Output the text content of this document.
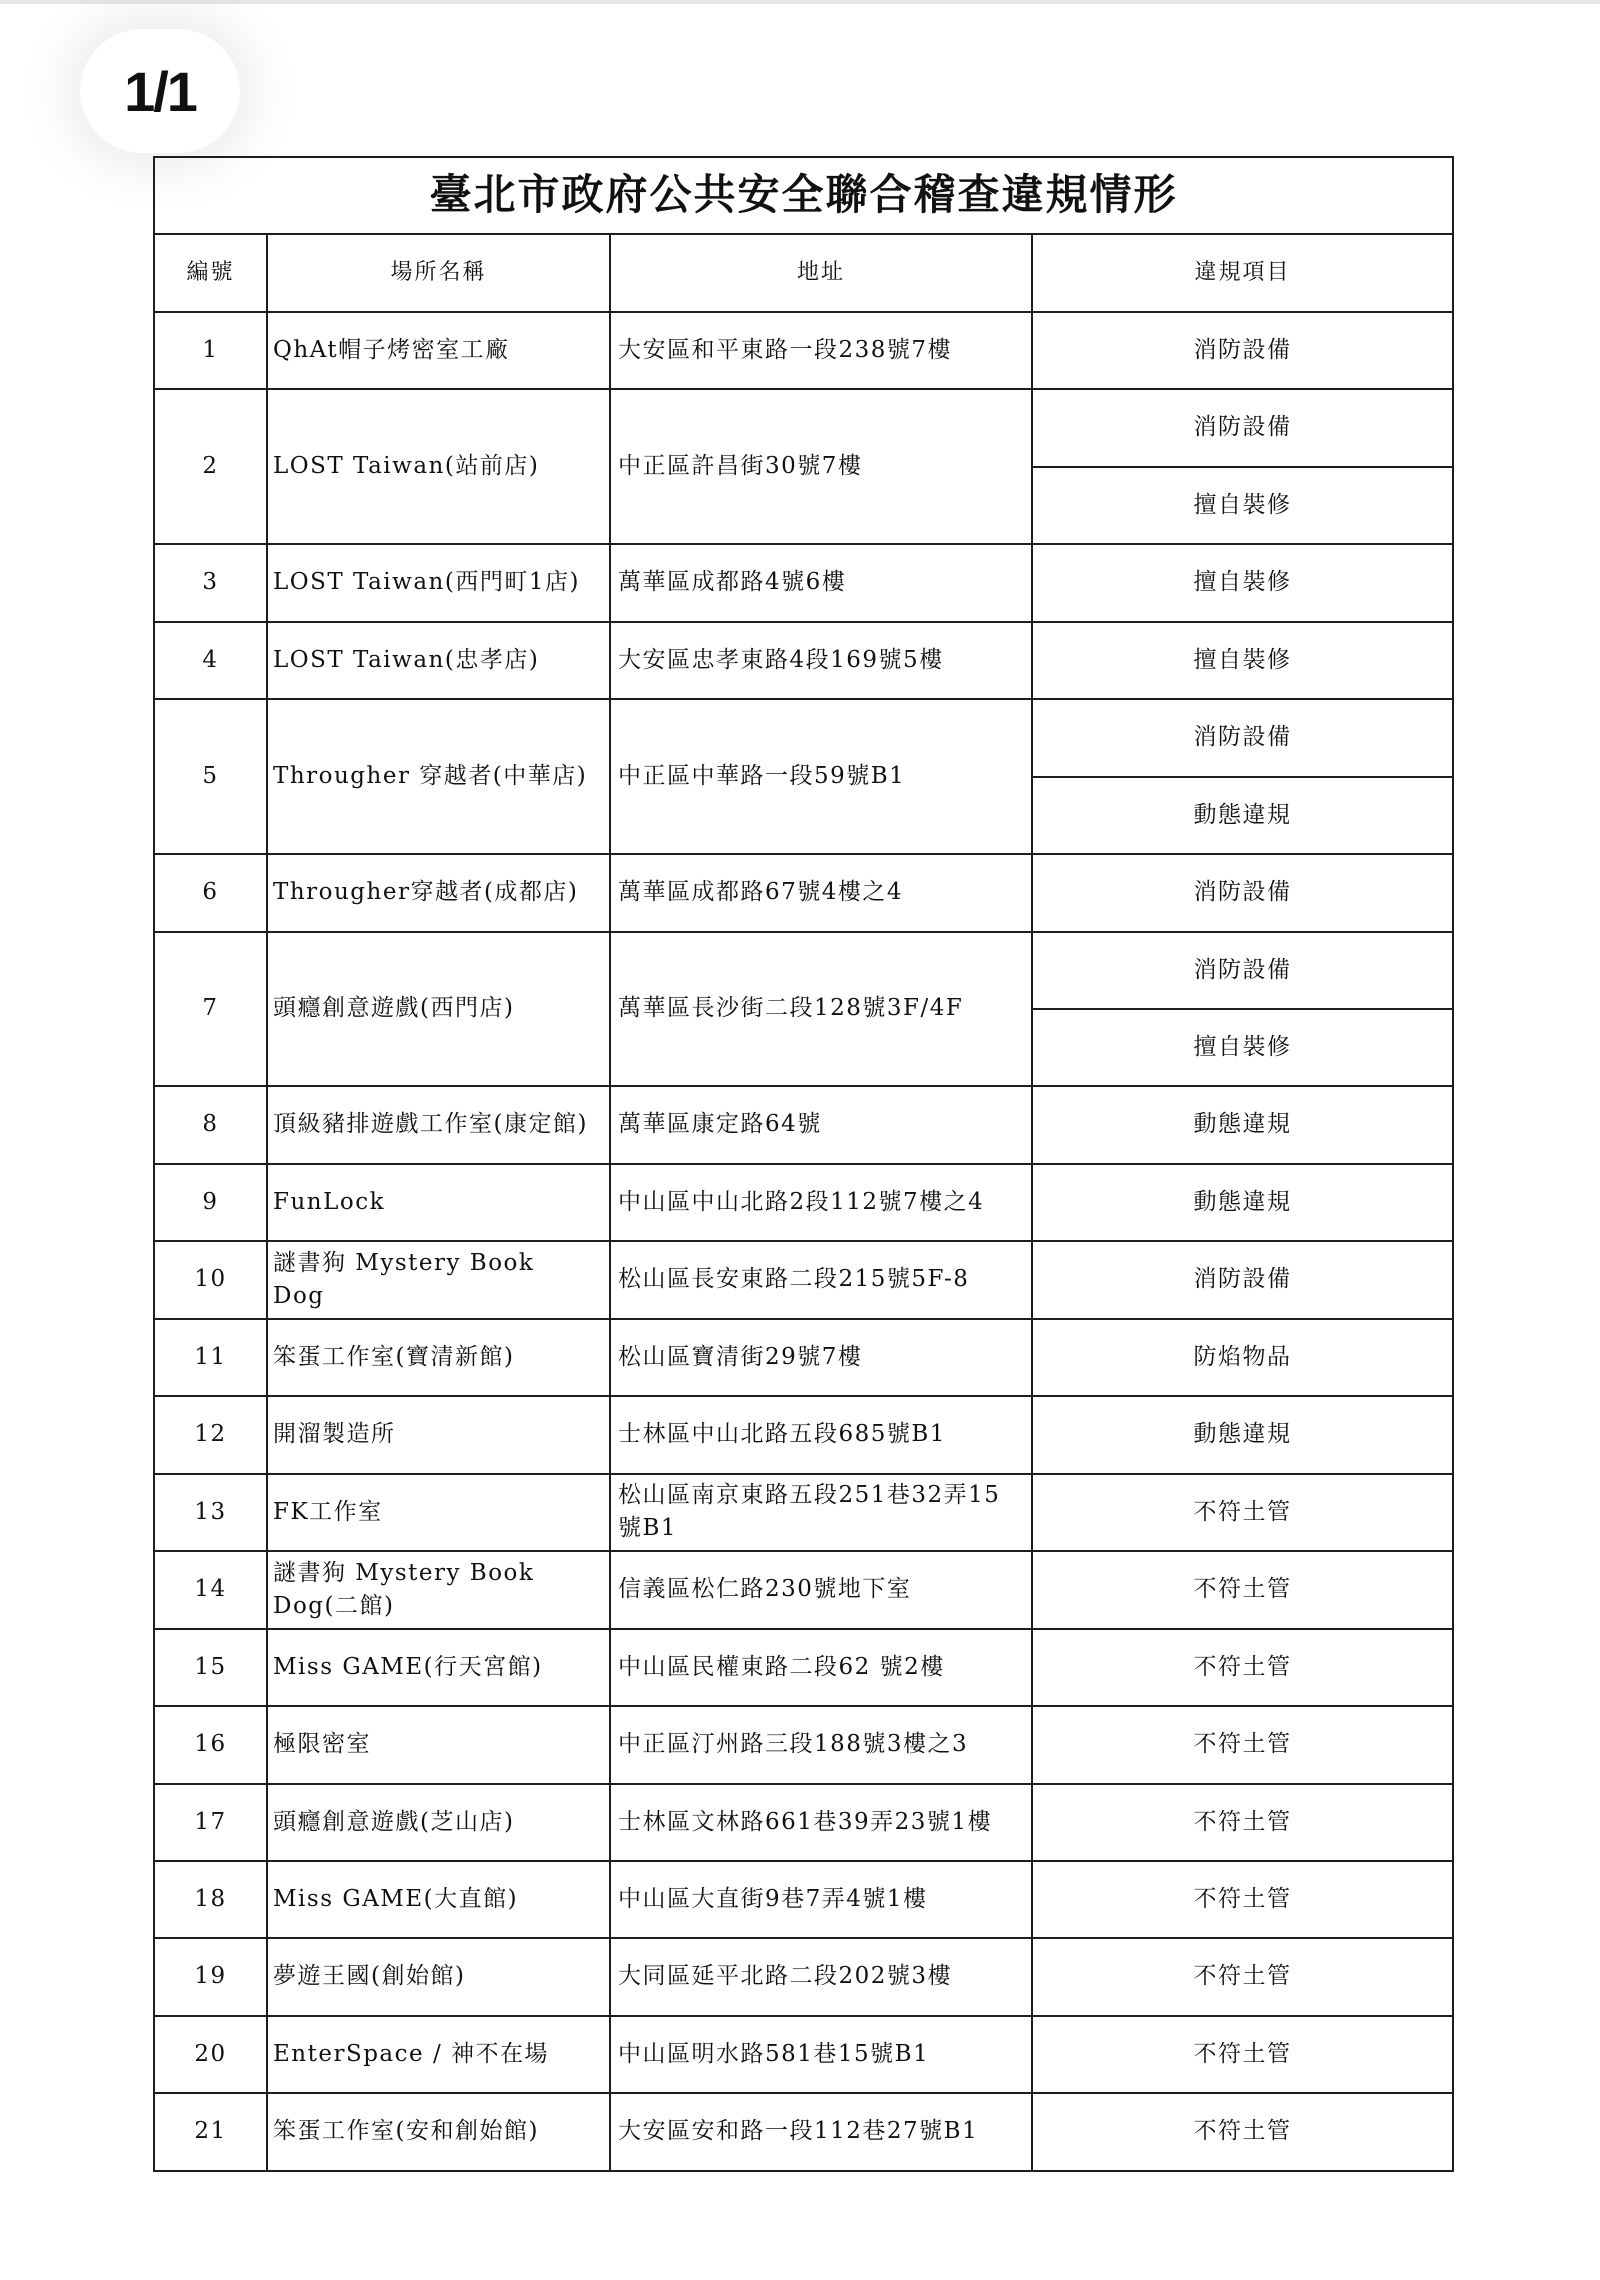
1/1
臺北市政府公共安全聯合稽查違規情形			
編號	場所名稱	地址	違規項目
1	QhAt帽子烤密室工廠	大安區和平東路一段238號7樓	消防設備
2	LOST Taiwan(站前店)	中正區許昌街30號7樓	消防設備
			擅自裝修
3	LOST Taiwan(西門町1店)	萬華區成都路4號6樓	擅自裝修
4	LOST Taiwan(忠孝店)	大安區忠孝東路4段169號5樓	擅自裝修
5	Througher 穿越者(中華店)	中正區中華路一段59號B1	消防設備
			動態違規
6	Througher穿越者(成都店)	萬華區成都路67號4樓之4	消防設備
7	頭癮創意遊戲(西門店)	萬華區長沙街二段128號3F/4F	消防設備
			擅自裝修
8	頂級豬排遊戲工作室(康定館)	萬華區康定路64號	動態違規
9	FunLock	中山區中山北路2段112號7樓之4	動態違規
10	謎書狗 Mystery Book Dog	松山區長安東路二段215號5F-8	消防設備
11	笨蛋工作室(寶清新館)	松山區寶清街29號7樓	防焰物品
12	開溜製造所	士林區中山北路五段685號B1	動態違規
13	FK工作室	松山區南京東路五段251巷32弄15號B1	不符土管
14	謎書狗 Mystery Book Dog(二館)	信義區松仁路230號地下室	不符土管
15	Miss GAME(行天宮館)	中山區民權東路二段62 號2樓	不符土管
16	極限密室	中正區汀州路三段188號3樓之3	不符土管
17	頭癮創意遊戲(芝山店)	士林區文林路661巷39弄23號1樓	不符土管
18	Miss GAME(大直館)	中山區大直街9巷7弄4號1樓	不符土管
19	夢遊王國(創始館)	大同區延平北路二段202號3樓	不符土管
20	EnterSpace / 神不在場	中山區明水路581巷15號B1	不符土管
21	笨蛋工作室(安和創始館)	大安區安和路一段112巷27號B1	不符土管
